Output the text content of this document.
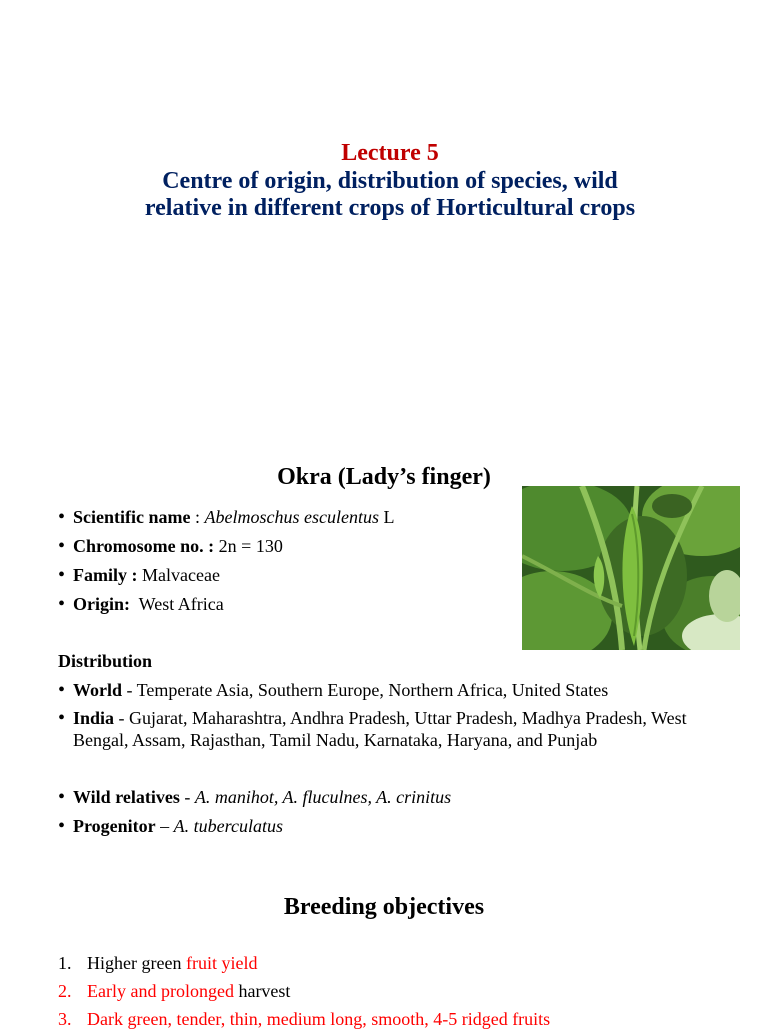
Lecture 5
Centre of origin, distribution of species, wild
relative in different crops of Horticultural crops
Okra (Lady’s finger)
• Scientific name : Abelmoschus esculentus L
• Chromosome no. : 2n = 130
• Family : Malvaceae
• Origin:  West Africa
Distribution
• World - Temperate Asia, Southern Europe, Northern Africa, United States
• India - Gujarat, Maharashtra, Andhra Pradesh, Uttar Pradesh, Madhya Pradesh, West Bengal, Assam, Rajasthan, Tamil Nadu, Karnataka, Haryana, and Punjab
• Wild relatives - A. manihot, A. fluculnes, A. crinitus
• Progenitor – A. tuberculatus
Breeding objectives
1. Higher green fruit yield
2. Early and prolonged harvest
3. Dark green, tender, thin, medium long, smooth, 4-5 ridged fruits
